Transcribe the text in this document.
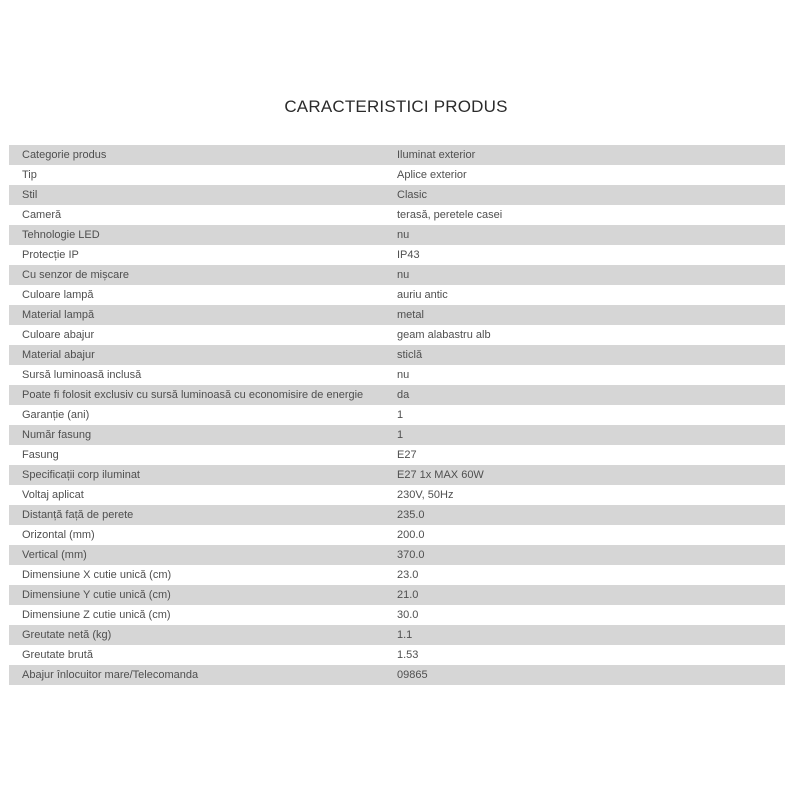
CARACTERISTICI PRODUS
Categorie produs	Iluminat exterior
Tip	Aplice exterior
Stil	Clasic
Cameră	terasă, peretele casei
Tehnologie LED	nu
Protecție IP	IP43
Cu senzor de mișcare	nu
Culoare lampă	auriu antic
Material lampă	metal
Culoare abajur	geam alabastru alb
Material abajur	sticlă
Sursă luminoasă inclusă	nu
Poate fi folosit exclusiv cu sursă luminoasă cu economisire de energie	da
Garanție (ani)	1
Număr fasung	1
Fasung	E27
Specificații corp iluminat	E27 1x MAX 60W
Voltaj aplicat	230V, 50Hz
Distanță față de perete	235.0
Orizontal (mm)	200.0
Vertical (mm)	370.0
Dimensiune X cutie unică (cm)	23.0
Dimensiune Y cutie unică (cm)	21.0
Dimensiune Z cutie unică (cm)	30.0
Greutate netă (kg)	1.1
Greutate brută	1.53
Abajur înlocuitor mare/Telecomanda	09865
